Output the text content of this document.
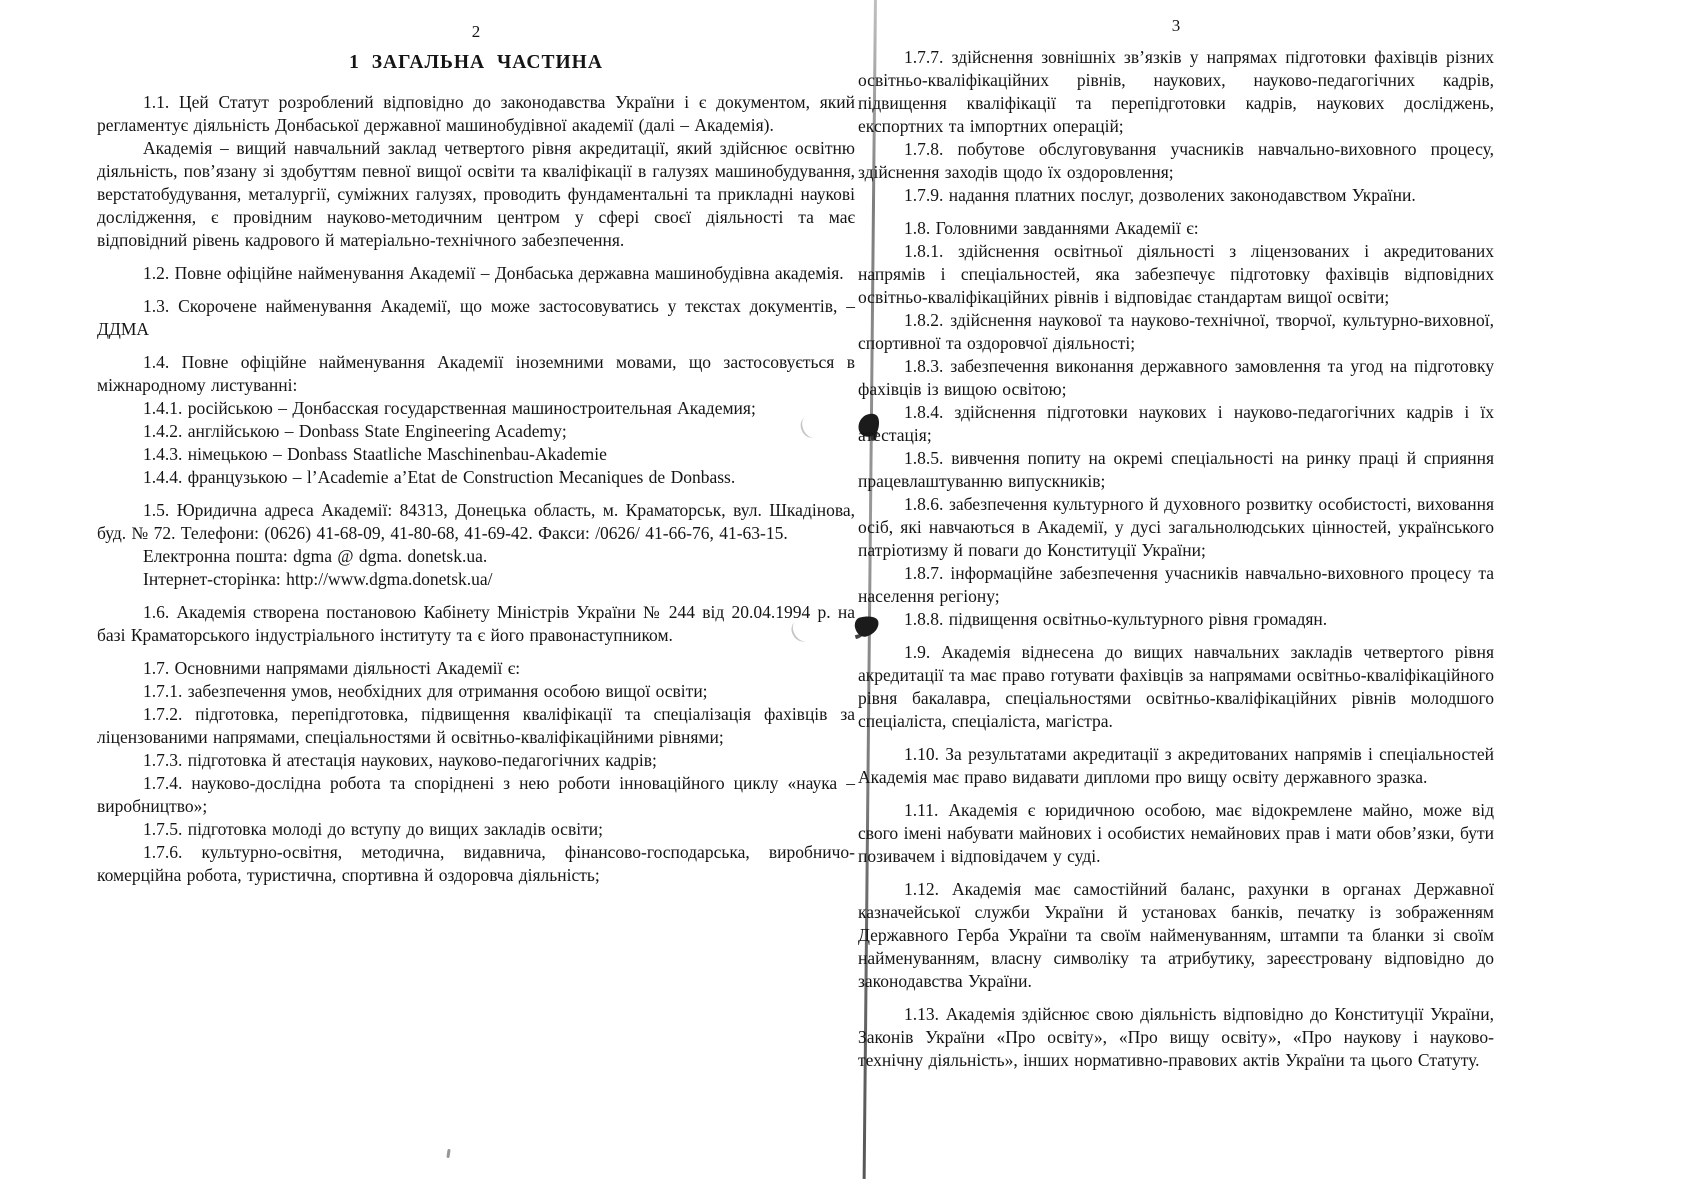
2
1 ЗАГАЛЬНА ЧАСТИНА

1.1. Цей Статут розроблений відповідно до законодавства України і є документом, який регламентує діяльність Донбаської державної машинобудівної академії (далі – Академія).

Академія – вищий навчальний заклад четвертого рівня акредитації, який здійснює освітню діяльність, пов’язану зі здобуттям певної вищої освіти та кваліфікації в галузях машинобудування, верстатобудування, металургії, суміжних галузях, проводить фундаментальні та прикладні наукові дослідження, є провідним науково-методичним центром у сфері своєї діяльності та має відповідний рівень кадрового й матеріально-технічного забезпечення.

1.2. Повне офіційне найменування Академії – Донбаська державна машинобудівна академія.

1.3. Скорочене найменування Академії, що може застосовуватись у текстах документів, – ДДМА

1.4. Повне офіційне найменування Академії іноземними мовами, що застосовується в міжнародному листуванні:

1.4.1. російською – Донбасская государственная машиностроительная Академия;

1.4.2. англійською – Donbass State Engineering Academy;

1.4.3. німецькою – Donbass Staatliche Maschinenbau-Akademie

1.4.4. французькою – l’Academie a’Etat de Construction Mecaniques de Donbass.

1.5. Юридична адреса Академії: 84313, Донецька область, м. Краматорськ, вул. Шкадінова, буд. № 72. Телефони: (0626) 41-68-09, 41-80-68, 41-69-42. Факси: /0626/ 41-66-76, 41-63-15.

Електронна пошта: dgma @ dgma. donetsk.ua.

Інтернет-сторінка: http://www.dgma.donetsk.ua/

1.6. Академія створена постановою Кабінету Міністрів України № 244 від 20.04.1994 р. на базі Краматорського індустріального інституту та є його правонаступником.

1.7. Основними напрямами діяльності Академії є:

1.7.1. забезпечення умов, необхідних для отримання особою вищої освіти;

1.7.2. підготовка, перепідготовка, підвищення кваліфікації та спеціалізація фахівців за ліцензованими напрямами, спеціальностями й освітньо-кваліфікаційними рівнями;

1.7.3. підготовка й атестація наукових, науково-педагогічних кадрів;

1.7.4. науково-дослідна робота та споріднені з нею роботи інноваційного циклу «наука – виробництво»;

1.7.5. підготовка молоді до вступу до вищих закладів освіти;

1.7.6. культурно-освітня, методична, видавнича, фінансово-господарська, виробничо-комерційна робота, туристична, спортивна й оздоровча діяльність;

3

1.7.7. здійснення зовнішніх зв’язків у напрямах підготовки фахівців різних освітньо-кваліфікаційних рівнів, наукових, науково-педагогічних кадрів, підвищення кваліфікації та перепідготовки кадрів, наукових досліджень, експортних та імпортних операцій;

1.7.8. побутове обслуговування учасників навчально-виховного процесу, здійснення заходів щодо їх оздоровлення;

1.7.9. надання платних послуг, дозволених законодавством України.

1.8. Головними завданнями Академії є:

1.8.1. здійснення освітньої діяльності з ліцензованих і акредитованих напрямів і спеціальностей, яка забезпечує підготовку фахівців відповідних освітньо-кваліфікаційних рівнів і відповідає стандартам вищої освіти;

1.8.2. здійснення наукової та науково-технічної, творчої, культурно-виховної, спортивної та оздоровчої діяльності;

1.8.3. забезпечення виконання державного замовлення та угод на підготовку фахівців із вищою освітою;

1.8.4. здійснення підготовки наукових і науково-педагогічних кадрів і їх атестація;

1.8.5. вивчення попиту на окремі спеціальності на ринку праці й сприяння працевлаштуванню випускників;

1.8.6. забезпечення культурного й духовного розвитку особистості, виховання осіб, які навчаються в Академії, у дусі загальнолюдських цінностей, українського патріотизму й поваги до Конституції України;

1.8.7. інформаційне забезпечення учасників навчально-виховного процесу та населення регіону;

1.8.8. підвищення освітньо-культурного рівня громадян.

1.9. Академія віднесена до вищих навчальних закладів четвертого рівня акредитації та має право готувати фахівців за напрямами освітньо-кваліфікаційного рівня бакалавра, спеціальностями освітньо-кваліфікаційних рівнів молодшого спеціаліста, спеціаліста, магістра.

1.10. За результатами акредитації з акредитованих напрямів і спеціальностей Академія має право видавати дипломи про вищу освіту державного зразка.

1.11. Академія є юридичною особою, має відокремлене майно, може від свого імені набувати майнових і особистих немайнових прав і мати обов’язки, бути позивачем і відповідачем у суді.

1.12. Академія має самостійний баланс, рахунки в органах Державної казначейської служби України й установах банків, печатку із зображенням Державного Герба України та своїм найменуванням, штампи та бланки зі своїм найменуванням, власну символіку та атрибутику, зареєстровану відповідно до законодавства України.

1.13. Академія здійснює свою діяльність відповідно до Конституції України, Законів України «Про освіту», «Про вищу освіту», «Про наукову і науково-технічну діяльність», інших нормативно-правових актів України та цього Статуту.
